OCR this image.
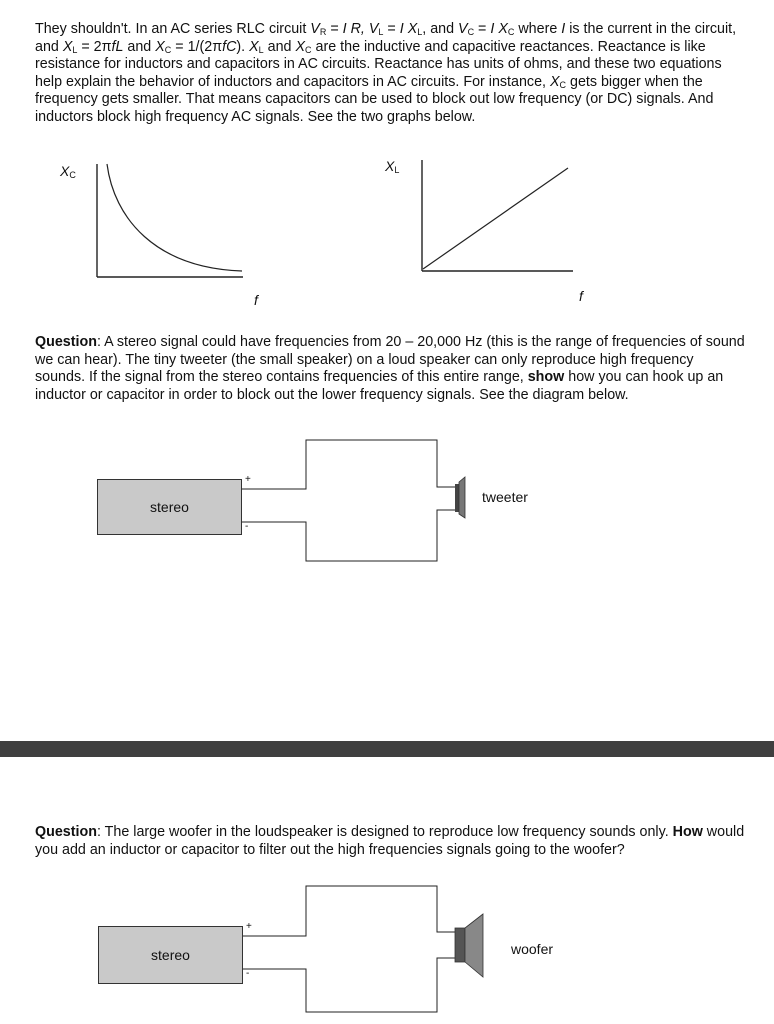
They shouldn't. In an AC series RLC circuit $V_R = I$ R, $V_L = I$ $X_L$, and $V_C = I$ $X_C$ where I is the current in the circuit, and $X_L = 2\pi fL$ and $X_C = 1/(2\pi fC)$. $X_L$ and $X_C$ are the inductive and capacitive reactances. Reactance is like resistance for inductors and capacitors in AC circuits. Reactance has units of ohms, and these two equations help explain the behavior of inductors and capacitors in AC circuits. For instance, $X_C$ gets bigger when the frequency gets smaller. That means capacitors can be used to block out low frequency (or DC) signals. And inductors block high frequency AC signals. See the two graphs below.

$X_C$
f
$X_L$
f

Question: A stereo signal could have frequencies from 20 – 20,000 Hz (this is the range of frequencies of sound we can hear). The tiny tweeter (the small speaker) on a loud speaker can only reproduce high frequency sounds. If the signal from the stereo contains frequencies of this entire range, show how you can hook up an inductor or capacitor in order to block out the lower frequency signals. See the diagram below.

stereo
+
-
tweeter

Question: The large woofer in the loudspeaker is designed to reproduce low frequency sounds only. How would you add an inductor or capacitor to filter out the high frequencies signals going to the woofer?

stereo
+
-
woofer
